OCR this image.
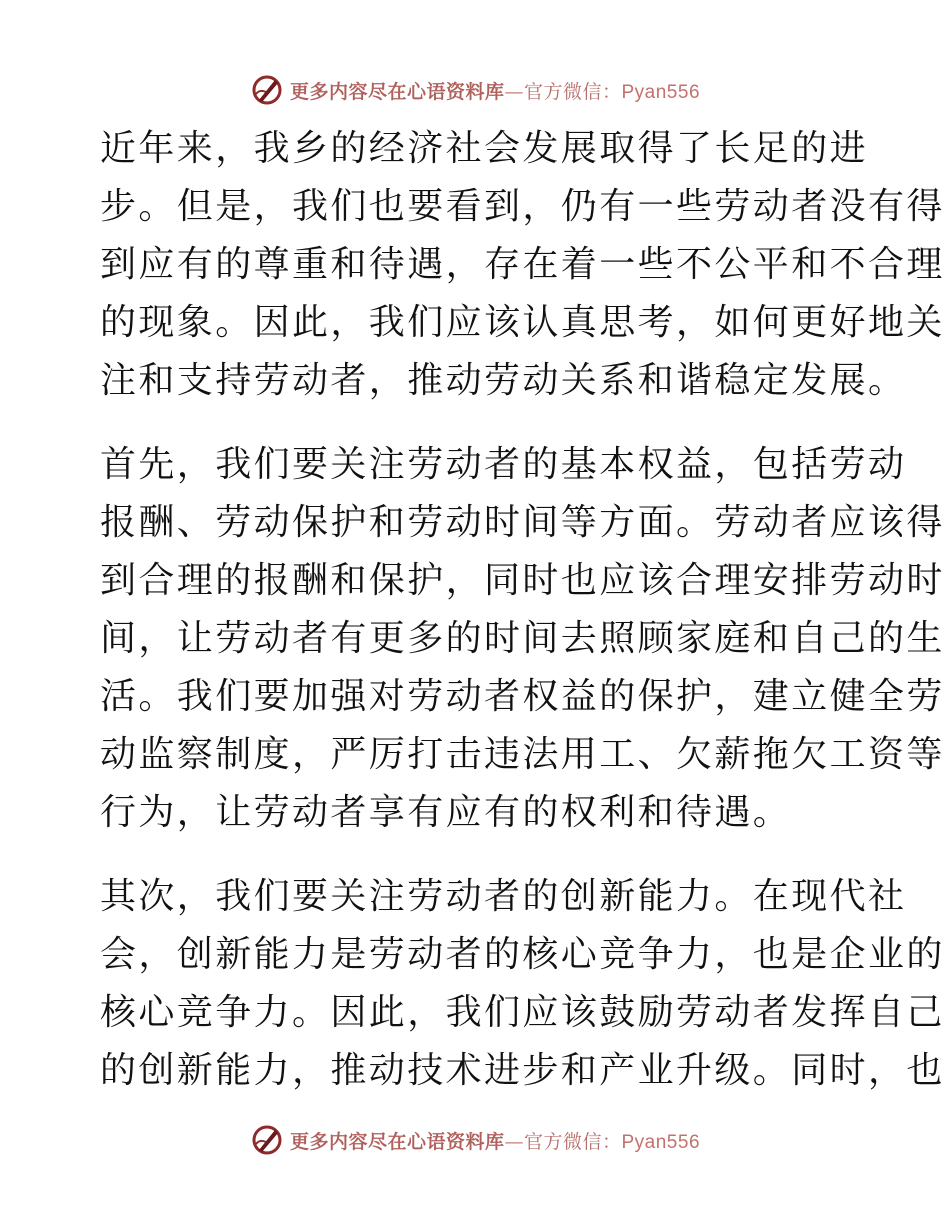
更多内容尽在心语资料库—官方微信：Pyan556
近年来，我乡的经济社会发展取得了长足的进
步。但是，我们也要看到，仍有一些劳动者没有得
到应有的尊重和待遇，存在着一些不公平和不合理
的现象。因此，我们应该认真思考，如何更好地关
注和支持劳动者，推动劳动关系和谐稳定发展。
首先，我们要关注劳动者的基本权益，包括劳动
报酬、劳动保护和劳动时间等方面。劳动者应该得
到合理的报酬和保护，同时也应该合理安排劳动时
间，让劳动者有更多的时间去照顾家庭和自己的生
活。我们要加强对劳动者权益的保护，建立健全劳
动监察制度，严厉打击违法用工、欠薪拖欠工资等
行为，让劳动者享有应有的权利和待遇。
其次，我们要关注劳动者的创新能力。在现代社
会，创新能力是劳动者的核心竞争力，也是企业的
核心竞争力。因此，我们应该鼓励劳动者发挥自己
的创新能力，推动技术进步和产业升级。同时，也
更多内容尽在心语资料库—官方微信：Pyan556
